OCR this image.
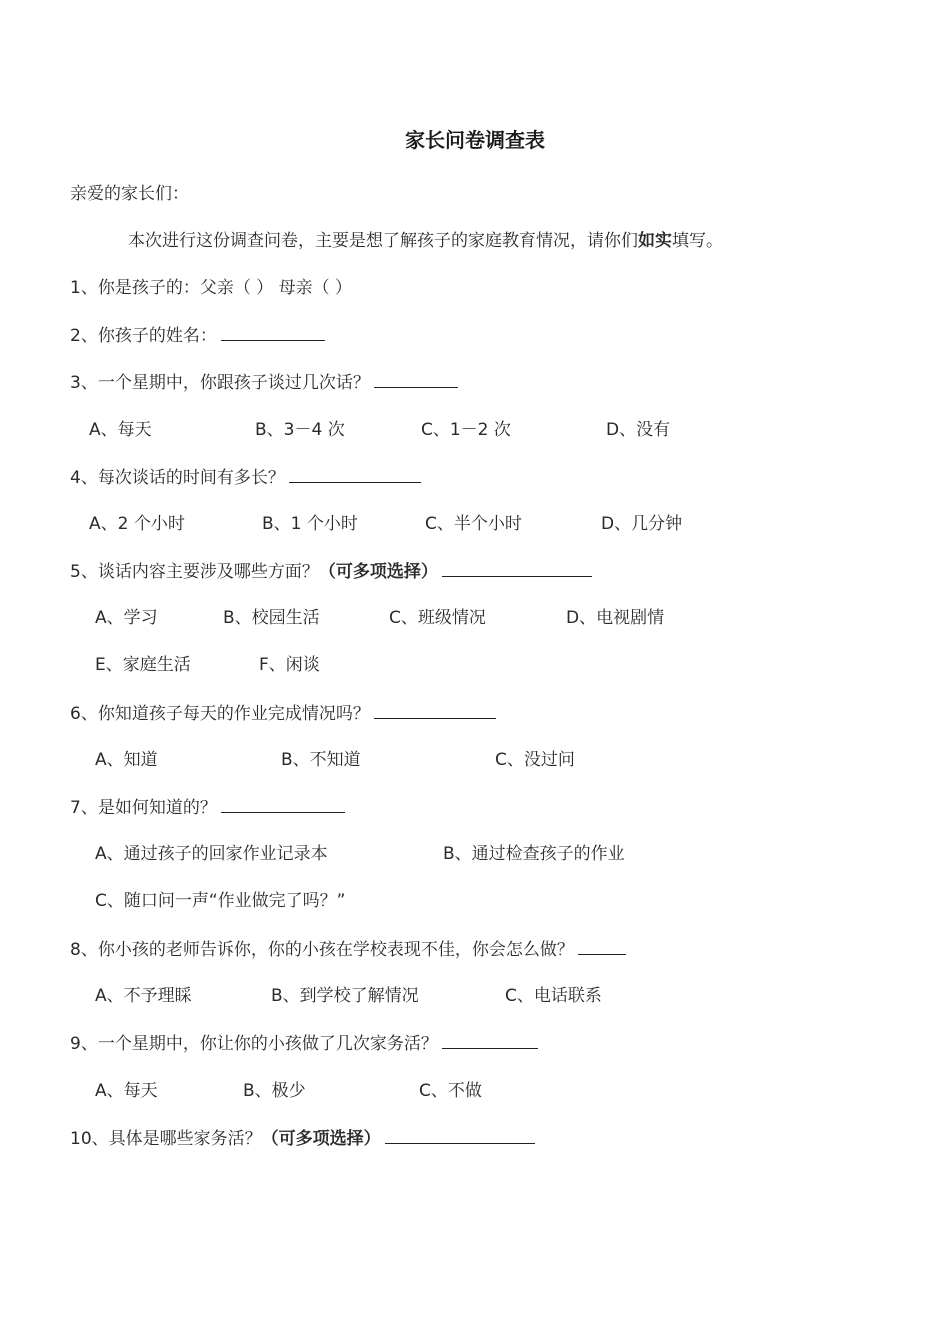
家长问卷调查表
亲爱的家长们：
本次进行这份调查问卷，主要是想了解孩子的家庭教育情况，请你们如实填写。
1、你是孩子的：父亲（ ） 母亲（ ）
2、你孩子的姓名：
3、一个星期中，你跟孩子谈过几次话？
A、每天	B、3－4 次	C、1－2 次	D、没有
4、每次谈话的时间有多长？
A、2 个小时	B、1 个小时	C、半个小时	D、几分钟
5、谈话内容主要涉及哪些方面？（可多项选择）
A、学习	B、校园生活	C、班级情况	D、电视剧情
E、家庭生活	F、闲谈
6、你知道孩子每天的作业完成情况吗？
A、知道	B、不知道	C、没过问
7、是如何知道的？
A、通过孩子的回家作业记录本	B、通过检查孩子的作业
C、随口问一声“作业做完了吗？”
8、你小孩的老师告诉你，你的小孩在学校表现不佳，你会怎么做？
A、不予理睬	B、到学校了解情况	C、电话联系
9、一个星期中，你让你的小孩做了几次家务活？
A、每天	B、极少	C、不做
10、具体是哪些家务活？（可多项选择）
